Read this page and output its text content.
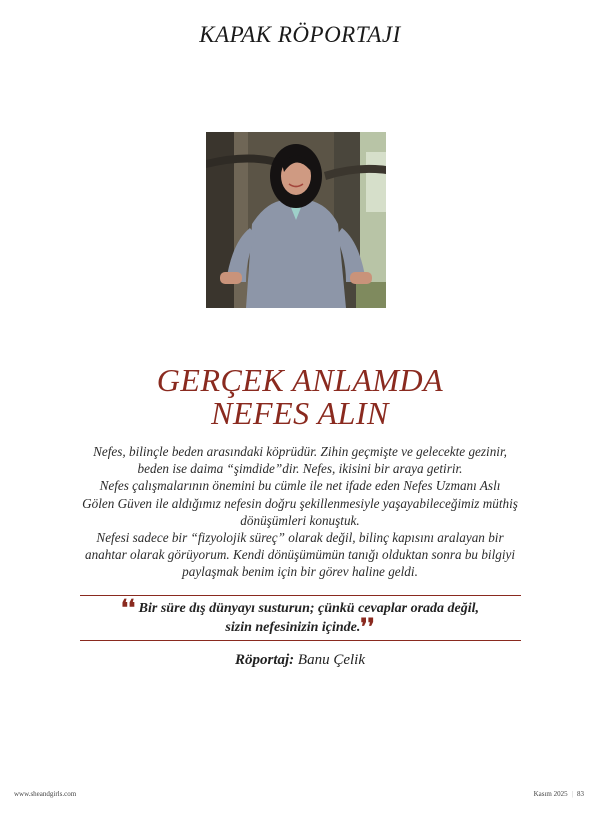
KAPAK RÖPORTAJI
GERÇEK ANLAMDA
NEFES ALIN

Nefes, bilinçle beden arasındaki köprüdür. Zihin geçmişte ve gelecekte gezinir,

beden ise daima “şimdide”dir. Nefes, ikisini bir araya getirir.

Nefes çalışmalarının önemini bu cümle ile net ifade eden Nefes Uzmanı Aslı

Gölen Güven ile aldığımız nefesin doğru şekillenmesiyle yaşayabileceğimiz müthiş

dönüşümleri konuştuk.

Nefesi sadece bir “fizyolojik süreç” olarak değil, bilinç kapısını aralayan bir

anahtar olarak görüyorum. Kendi dönüşümümün tanığı olduktan sonra bu bilgiyi

paylaşmak benim için bir görev haline geldi.

❛❛ Bir süre dış dünyayı susturun; çünkü cevaplar orada değil,
sizin nefesinizin içinde.❜❜
Röportaj: Banu Çelik
www.sheandgirls.com	Kasım 2025 | 83
